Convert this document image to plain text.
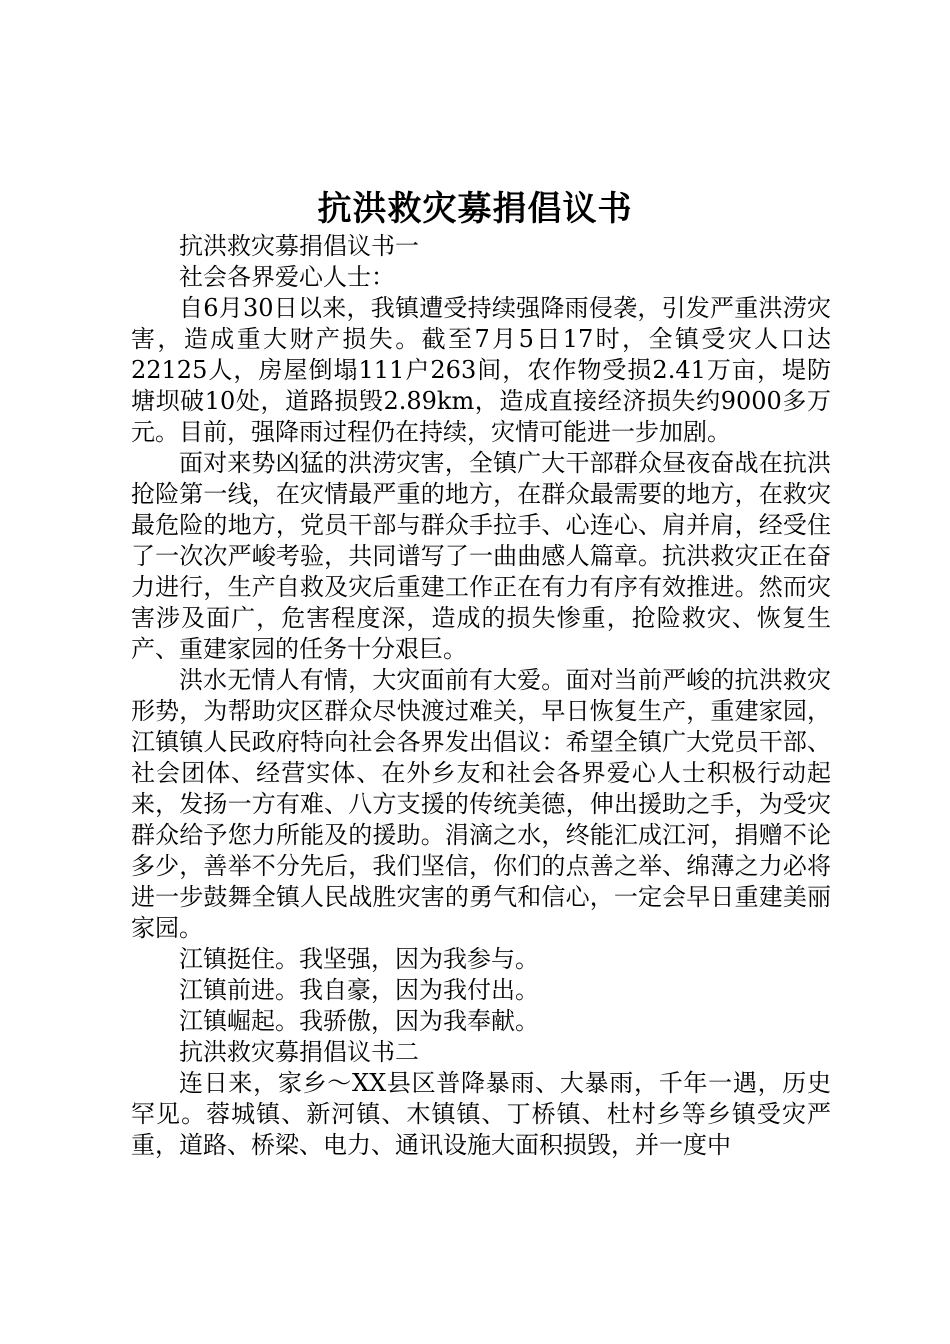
抗洪救灾募捐倡议书

抗洪救灾募捐倡议书一

社会各界爱心人士：

自6月30日以来，我镇遭受持续强降雨侵袭，引发严重洪涝灾害，造成重大财产损失。截至7月5日17时，全镇受灾人口达22125人，房屋倒塌111户263间，农作物受损2.41万亩，堤防塘坝破10处，道路损毁2.89km，造成直接经济损失约9000多万元。目前，强降雨过程仍在持续，灾情可能进一步加剧。

面对来势凶猛的洪涝灾害，全镇广大干部群众昼夜奋战在抗洪抢险第一线，在灾情最严重的地方，在群众最需要的地方，在救灾最危险的地方，党员干部与群众手拉手、心连心、肩并肩，经受住了一次次严峻考验，共同谱写了一曲曲感人篇章。抗洪救灾正在奋力进行，生产自救及灾后重建工作正在有力有序有效推进。然而灾害涉及面广，危害程度深，造成的损失惨重，抢险救灾、恢复生产、重建家园的任务十分艰巨。

洪水无情人有情，大灾面前有大爱。面对当前严峻的抗洪救灾形势，为帮助灾区群众尽快渡过难关，早日恢复生产，重建家园，江镇镇人民政府特向社会各界发出倡议：希望全镇广大党员干部、社会团体、经营实体、在外乡友和社会各界爱心人士积极行动起来，发扬一方有难、八方支援的传统美德，伸出援助之手，为受灾群众给予您力所能及的援助。涓滴之水，终能汇成江河，捐赠不论多少，善举不分先后，我们坚信，你们的点善之举、绵薄之力必将进一步鼓舞全镇人民战胜灾害的勇气和信心，一定会早日重建美丽家园。

江镇挺住。我坚强，因为我参与。

江镇前进。我自豪，因为我付出。

江镇崛起。我骄傲，因为我奉献。

抗洪救灾募捐倡议书二

连日来，家乡～XX县区普降暴雨、大暴雨，千年一遇，历史罕见。蓉城镇、新河镇、木镇镇、丁桥镇、杜村乡等乡镇受灾严重，道路、桥梁、电力、通讯设施大面积损毁，并一度中
